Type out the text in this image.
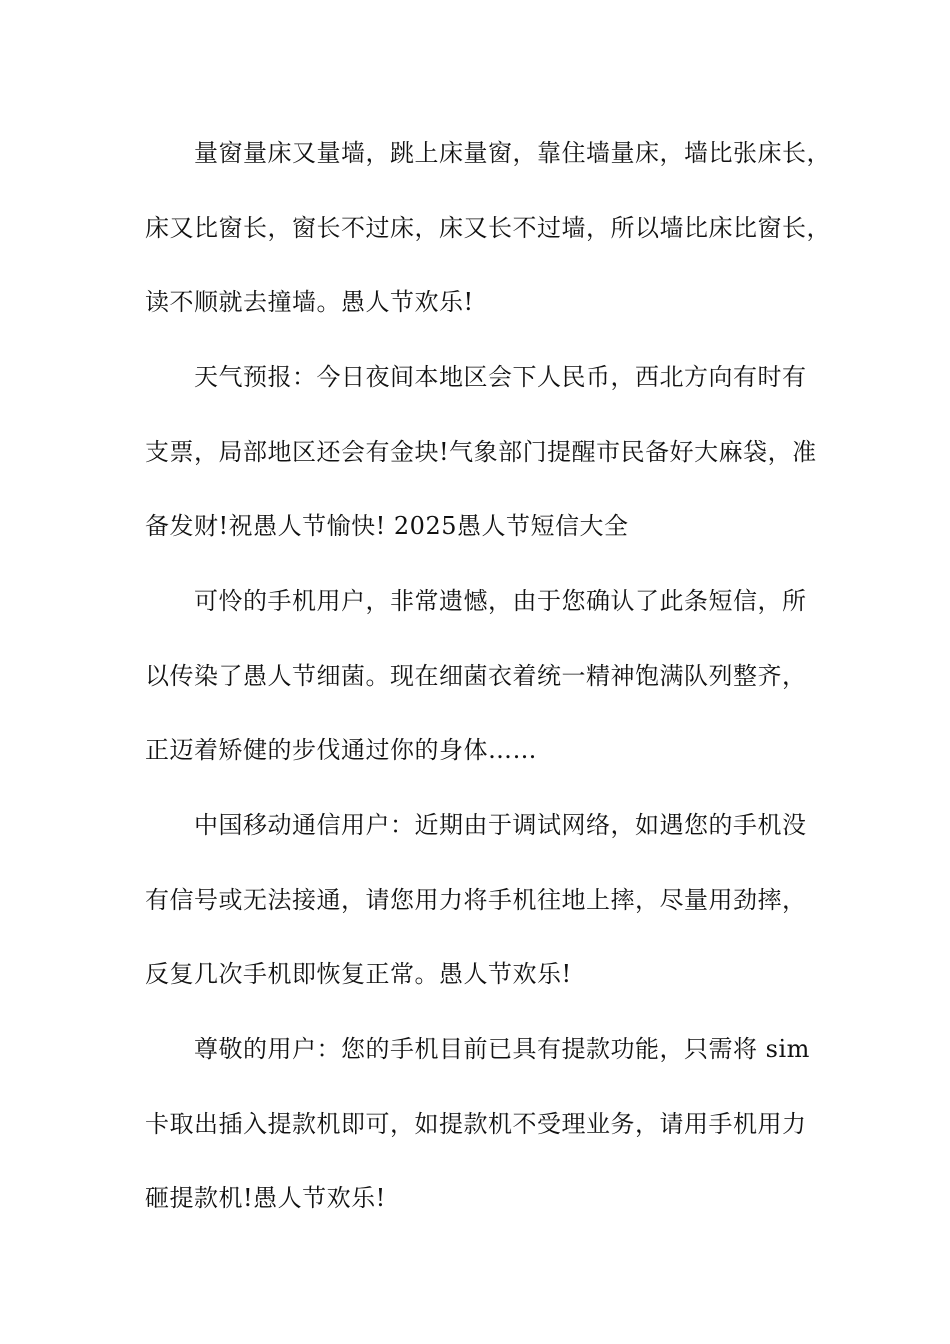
量窗量床又量墙，跳上床量窗，靠住墙量床，墙比张床长，
床又比窗长，窗长不过床，床又长不过墙，所以墙比床比窗长，
读不顺就去撞墙。愚人节欢乐!

天气预报：今日夜间本地区会下人民币，西北方向有时有
支票，局部地区还会有金块!气象部门提醒市民备好大麻袋，准
备发财!祝愚人节愉快! 2025愚人节短信大全

可怜的手机用户，非常遗憾，由于您确认了此条短信，所
以传染了愚人节细菌。现在细菌衣着统一精神饱满队列整齐，
正迈着矫健的步伐通过你的身体……

中国移动通信用户：近期由于调试网络，如遇您的手机没
有信号或无法接通，请您用力将手机往地上摔，尽量用劲摔，
反复几次手机即恢复正常。愚人节欢乐!

尊敬的用户：您的手机目前已具有提款功能，只需将 sim
卡取出插入提款机即可，如提款机不受理业务，请用手机用力
砸提款机!愚人节欢乐!
